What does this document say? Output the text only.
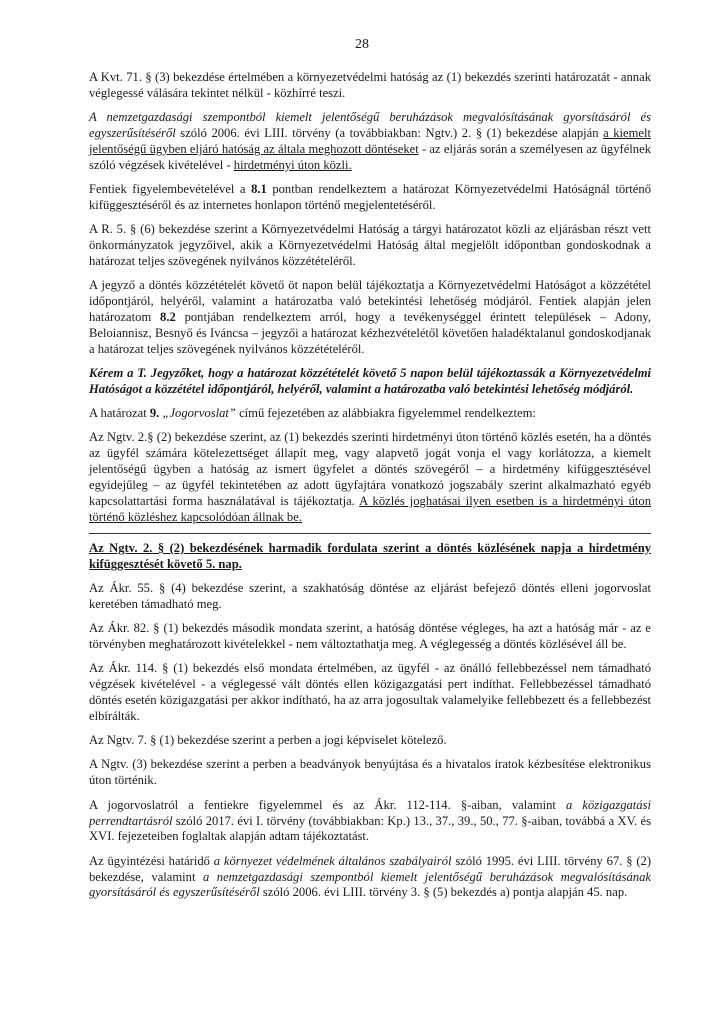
28

A Kvt. 71. § (3) bekezdése értelmében a környezetvédelmi hatóság az (1) bekezdés szerinti határozatát - annak véglegessé válására tekintet nélkül - közhírré teszi.

A nemzetgazdasági szempontból kiemelt jelentőségű beruházások megvalósításának gyorsításáról és egyszerűsítéséről szóló 2006. évi LIII. törvény (a továbbiakban: Ngtv.) 2. § (1) bekezdése alapján a kiemelt jelentőségű ügyben eljáró hatóság az általa meghozott döntéseket - az eljárás során a személyesen az ügyfélnek szóló végzések kivételével - hirdetményi úton közli.

Fentiek figyelembevételével a 8.1 pontban rendelkeztem a határozat Környezetvédelmi Hatóságnál történő kifüggesztéséről és az internetes honlapon történő megjelentetéséről.

A R. 5. § (6) bekezdése szerint a Környezetvédelmi Hatóság a tárgyi határozatot közli az eljárásban részt vett önkormányzatok jegyzőivel, akik a Környezetvédelmi Hatóság által megjelölt időpontban gondoskodnak a határozat teljes szövegének nyilvános közzétételéről.

A jegyző a döntés közzétételét követő öt napon belül tájékoztatja a Környezetvédelmi Hatóságot a közzététel időpontjáról, helyéről, valamint a határozatba való betekintési lehetőség módjáról. Fentiek alapján jelen határozatom 8.2 pontjában rendelkeztem arról, hogy a tevékenységgel érintett települések – Adony, Beloiannisz, Besnyő és Iváncsa – jegyzői a határozat kézhezvételétől követően haladéktalanul gondoskodjanak a határozat teljes szövegének nyilvános közzétételéről.

Kérem a T. Jegyzőket, hogy a határozat közzétételét követő 5 napon belül tájékoztassák a Környezetvédelmi Hatóságot a közzététel időpontjáról, helyéről, valamint a határozatba való betekintési lehetőség módjáról.

A határozat 9. „Jogorvoslat” című fejezetében az alábbiakra figyelemmel rendelkeztem:

Az Ngtv. 2.§ (2) bekezdése szerint, az (1) bekezdés szerinti hirdetményi úton történő közlés esetén, ha a döntés az ügyfél számára kötelezettséget állapít meg, vagy alapvető jogát vonja el vagy korlátozza, a kiemelt jelentőségű ügyben a hatóság az ismert ügyfelet a döntés szövegéről – a hirdetmény kifüggesztésével egyidejűleg – az ügyfél tekintetében az adott ügyfajtára vonatkozó jogszabály szerint alkalmazható egyéb kapcsolattartási forma használatával is tájékoztatja. A közlés joghatásai ilyen esetben is a hirdetményi úton történő közléshez kapcsolódóan állnak be.

Az Ngtv. 2. § (2) bekezdésének harmadik fordulata szerint a döntés közlésének napja a hirdetmény kifüggesztését követő 5. nap.

Az Ákr. 55. § (4) bekezdése szerint, a szakhatóság döntése az eljárást befejező döntés elleni jogorvoslat keretében támadható meg.

Az Ákr. 82. § (1) bekezdés második mondata szerint, a hatóság döntése végleges, ha azt a hatóság már - az e törvényben meghatározott kivételekkel - nem változtathatja meg. A véglegesség a döntés közlésével áll be.

Az Ákr. 114. § (1) bekezdés első mondata értelmében, az ügyfél - az önálló fellebbezéssel nem támadható végzések kivételével - a véglegessé vált döntés ellen közigazgatási pert indíthat. Fellebbezéssel támadható döntés esetén közigazgatási per akkor indítható, ha az arra jogosultak valamelyike fellebbezett és a fellebbezést elbírálták.

Az Ngtv. 7. § (1) bekezdése szerint a perben a jogi képviselet kötelező.

A Ngtv. (3) bekezdése szerint a perben a beadványok benyújtása és a hivatalos iratok kézbesítése elektronikus úton történik.

A jogorvoslatról a fentiekre figyelemmel és az Ákr. 112-114. §-aiban, valamint a közigazgatási perrendtartásról szóló 2017. évi I. törvény (továbbiakban: Kp.) 13., 37., 39., 50., 77. §-aiban, továbbá a XV. és XVI. fejezeteiben foglaltak alapján adtam tájékoztatást.

Az ügyintézési határidő a környezet védelmének általános szabályairól szóló 1995. évi LIII. törvény 67. § (2) bekezdése, valamint a nemzetgazdasági szempontból kiemelt jelentőségű beruházások megvalósításának gyorsításáról és egyszerűsítéséről szóló 2006. évi LIII. törvény 3. § (5) bekezdés a) pontja alapján 45. nap.
